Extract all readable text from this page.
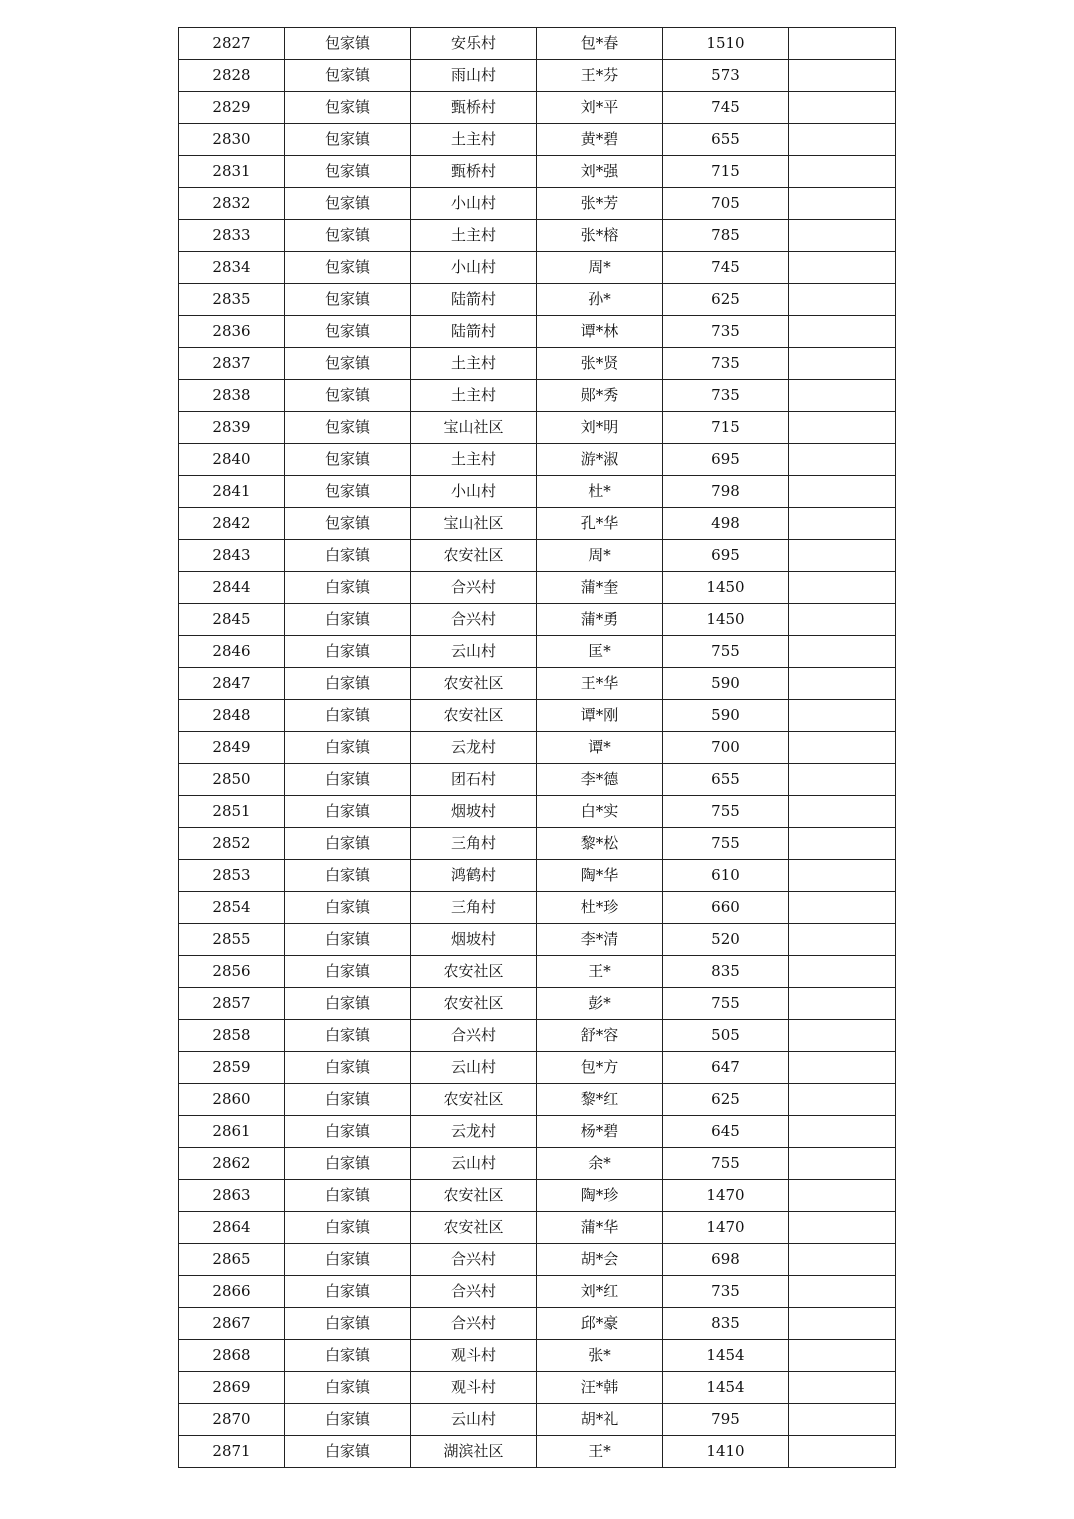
2827	包家镇	安乐村	包*春	1510	
2828	包家镇	雨山村	王*芬	573	
2829	包家镇	甄桥村	刘*平	745	
2830	包家镇	土主村	黄*碧	655	
2831	包家镇	甄桥村	刘*强	715	
2832	包家镇	小山村	张*芳	705	
2833	包家镇	土主村	张*榕	785	
2834	包家镇	小山村	周*	745	
2835	包家镇	陆箭村	孙*	625	
2836	包家镇	陆箭村	谭*林	735	
2837	包家镇	土主村	张*贤	735	
2838	包家镇	土主村	郧*秀	735	
2839	包家镇	宝山社区	刘*明	715	
2840	包家镇	土主村	游*淑	695	
2841	包家镇	小山村	杜*	798	
2842	包家镇	宝山社区	孔*华	498	
2843	白家镇	农安社区	周*	695	
2844	白家镇	合兴村	蒲*奎	1450	
2845	白家镇	合兴村	蒲*勇	1450	
2846	白家镇	云山村	匡*	755	
2847	白家镇	农安社区	王*华	590	
2848	白家镇	农安社区	谭*刚	590	
2849	白家镇	云龙村	谭*	700	
2850	白家镇	团石村	李*德	655	
2851	白家镇	烟坡村	白*实	755	
2852	白家镇	三角村	黎*松	755	
2853	白家镇	鸿鹤村	陶*华	610	
2854	白家镇	三角村	杜*珍	660	
2855	白家镇	烟坡村	李*清	520	
2856	白家镇	农安社区	王*	835	
2857	白家镇	农安社区	彭*	755	
2858	白家镇	合兴村	舒*容	505	
2859	白家镇	云山村	包*方	647	
2860	白家镇	农安社区	黎*红	625	
2861	白家镇	云龙村	杨*碧	645	
2862	白家镇	云山村	余*	755	
2863	白家镇	农安社区	陶*珍	1470	
2864	白家镇	农安社区	蒲*华	1470	
2865	白家镇	合兴村	胡*会	698	
2866	白家镇	合兴村	刘*红	735	
2867	白家镇	合兴村	邱*豪	835	
2868	白家镇	观斗村	张*	1454	
2869	白家镇	观斗村	汪*韩	1454	
2870	白家镇	云山村	胡*礼	795	
2871	白家镇	湖滨社区	王*	1410	
